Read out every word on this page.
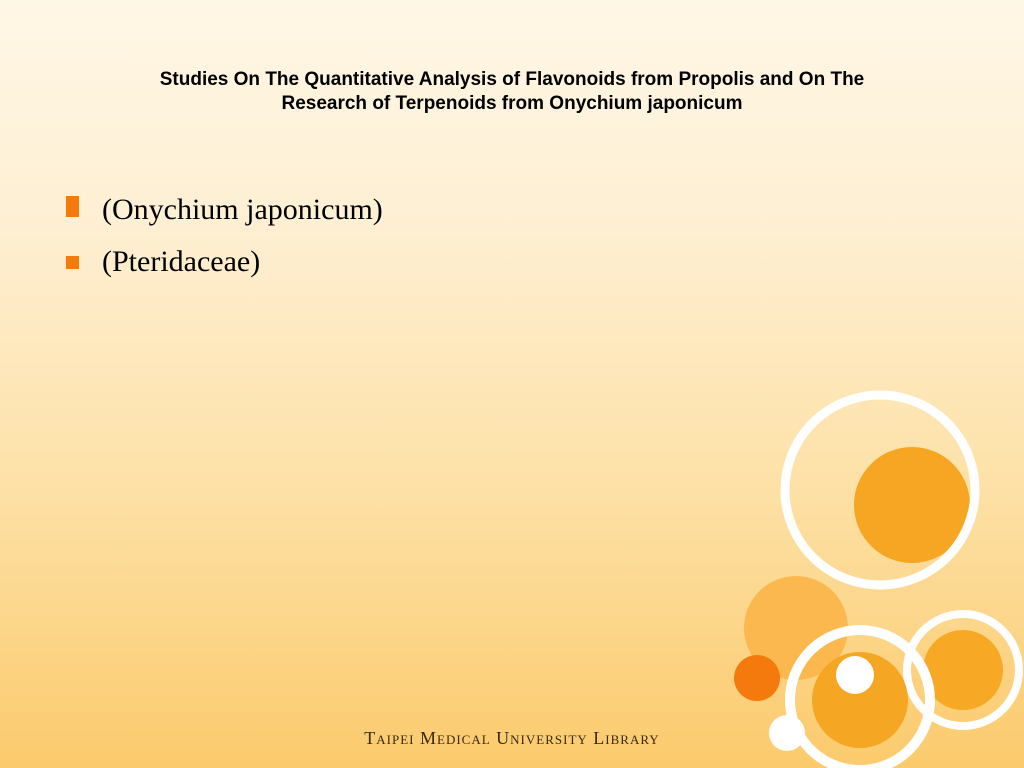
Studies On The Quantitative Analysis of Flavonoids from Propolis and On The
Research of Terpenoids from Onychium japonicum
(Onychium japonicum)
(Pteridaceae)
Taipei Medical University Library
